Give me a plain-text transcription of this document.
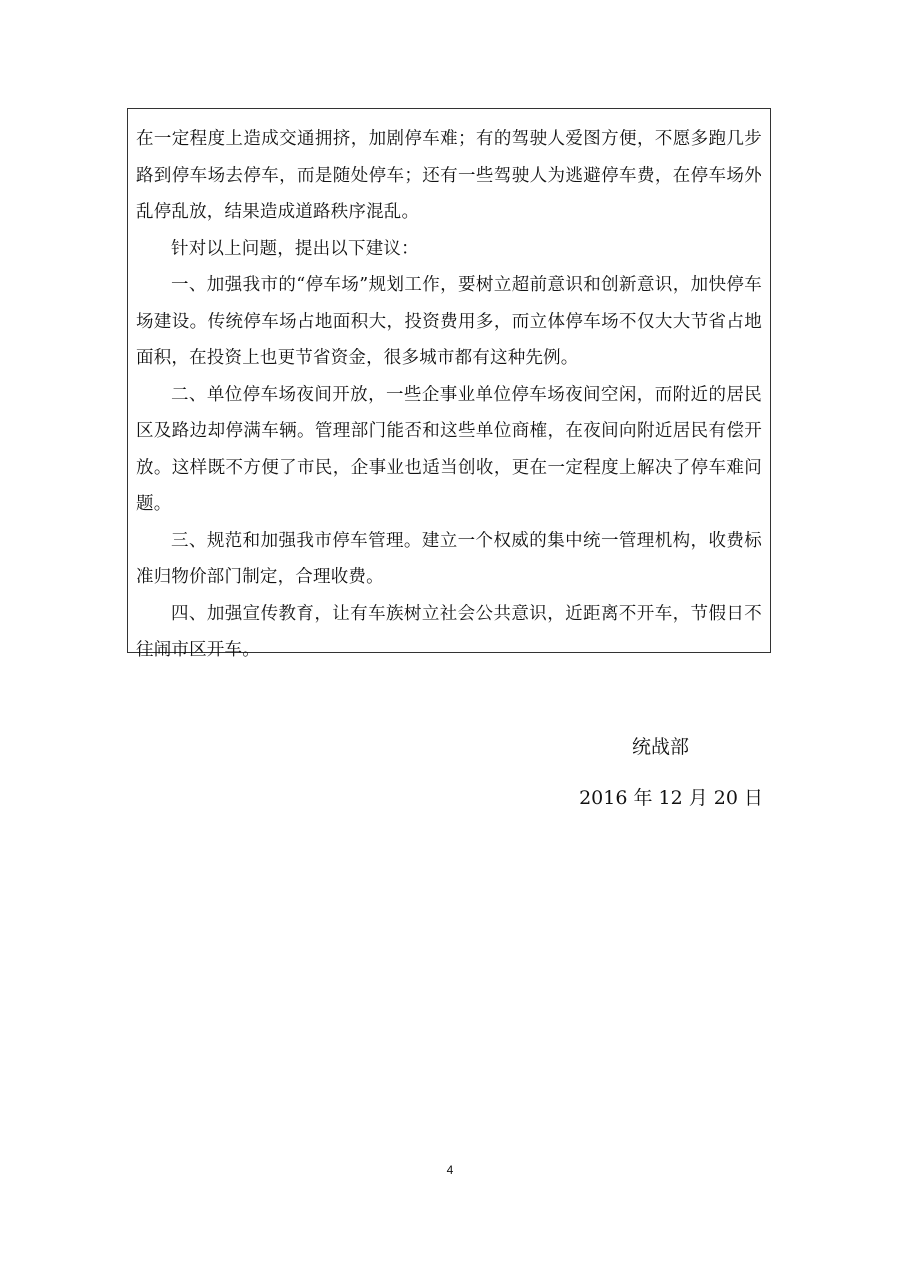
在一定程度上造成交通拥挤，加剧停车难；有的驾驶人爱图方便，不愿多跑几步路到停车场去停车，而是随处停车；还有一些驾驶人为逃避停车费，在停车场外乱停乱放，结果造成道路秩序混乱。

针对以上问题，提出以下建议：

一、加强我市的“停车场”规划工作，要树立超前意识和创新意识，加快停车场建设。传统停车场占地面积大，投资费用多，而立体停车场不仅大大节省占地面积，在投资上也更节省资金，很多城市都有这种先例。

二、单位停车场夜间开放，一些企事业单位停车场夜间空闲，而附近的居民区及路边却停满车辆。管理部门能否和这些单位商榷，在夜间向附近居民有偿开放。这样既不方便了市民，企事业也适当创收，更在一定程度上解决了停车难问题。

三、规范和加强我市停车管理。建立一个权威的集中统一管理机构，收费标准归物价部门制定，合理收费。

四、加强宣传教育，让有车族树立社会公共意识，近距离不开车，节假日不往闹市区开车。

统战部

2016 年 12 月 20 日

4
